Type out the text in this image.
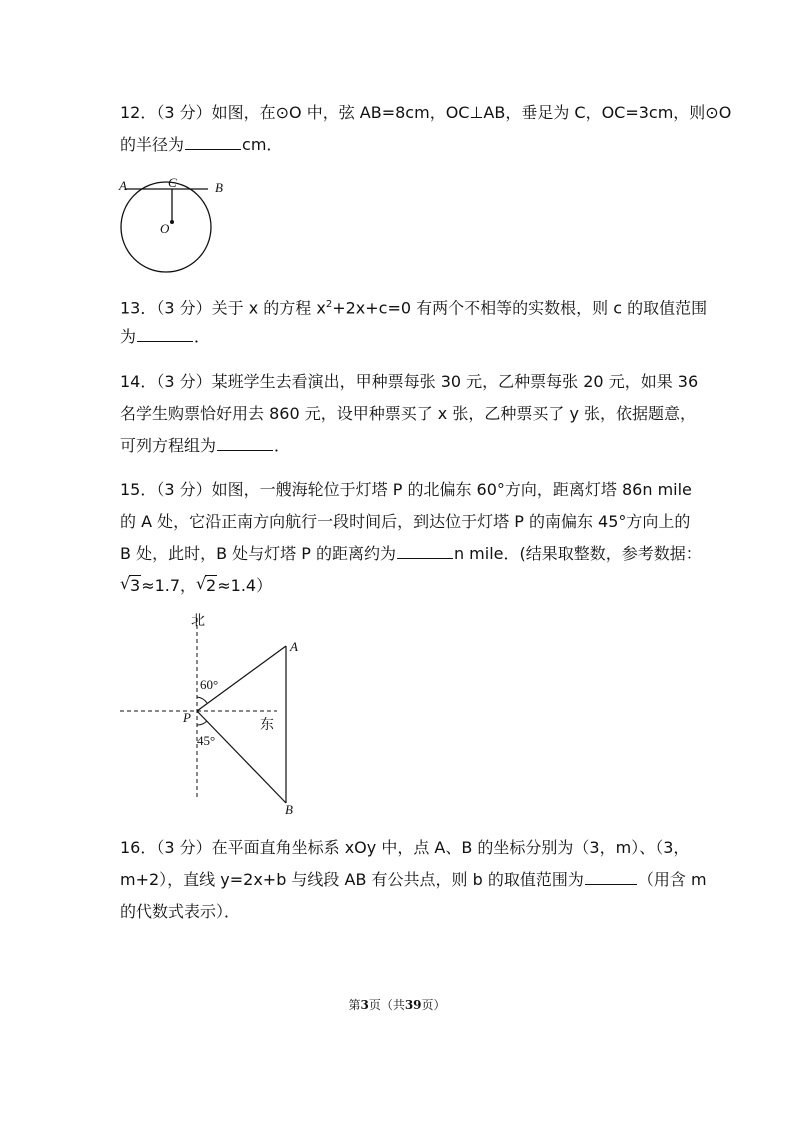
12．（3 分）如图，在⊙O 中，弦 AB=8cm，OC⊥AB，垂足为 C，OC=3cm，则⊙O
的半径为	cm．
A	C	B
O
13．（3 分）关于 x 的方程 $x^2+2x+c=0$ 有两个不相等的实数根，则 c 的取值范围
为	．
14．（3 分）某班学生去看演出，甲种票每张 30 元，乙种票每张 20 元，如果 36
名学生购票恰好用去 860 元，设甲种票买了 x 张，乙种票买了 y 张，依据题意，
可列方程组为	．
15．（3 分）如图，一艘海轮位于灯塔 P 的北偏东 60°方向，距离灯塔 86n mile
的 A 处，它沿正南方向航行一段时间后，到达位于灯塔 P 的南偏东 45°方向上的
B 处，此时，B 处与灯塔 P 的距离约为	n mile．(结果取整数，参考数据：
√ 3≈1.7， √ 2≈1.4）
北
东
A
B
P
60°
45°
16．（3 分）在平面直角坐标系 xOy 中，点 A、B 的坐标分别为（3，m）、（3，
m+2），直线 y=2x+b 与线段 AB 有公共点，则 b 的取值范围为	（用含 m
的代数式表示）．
第3页（共39页）
